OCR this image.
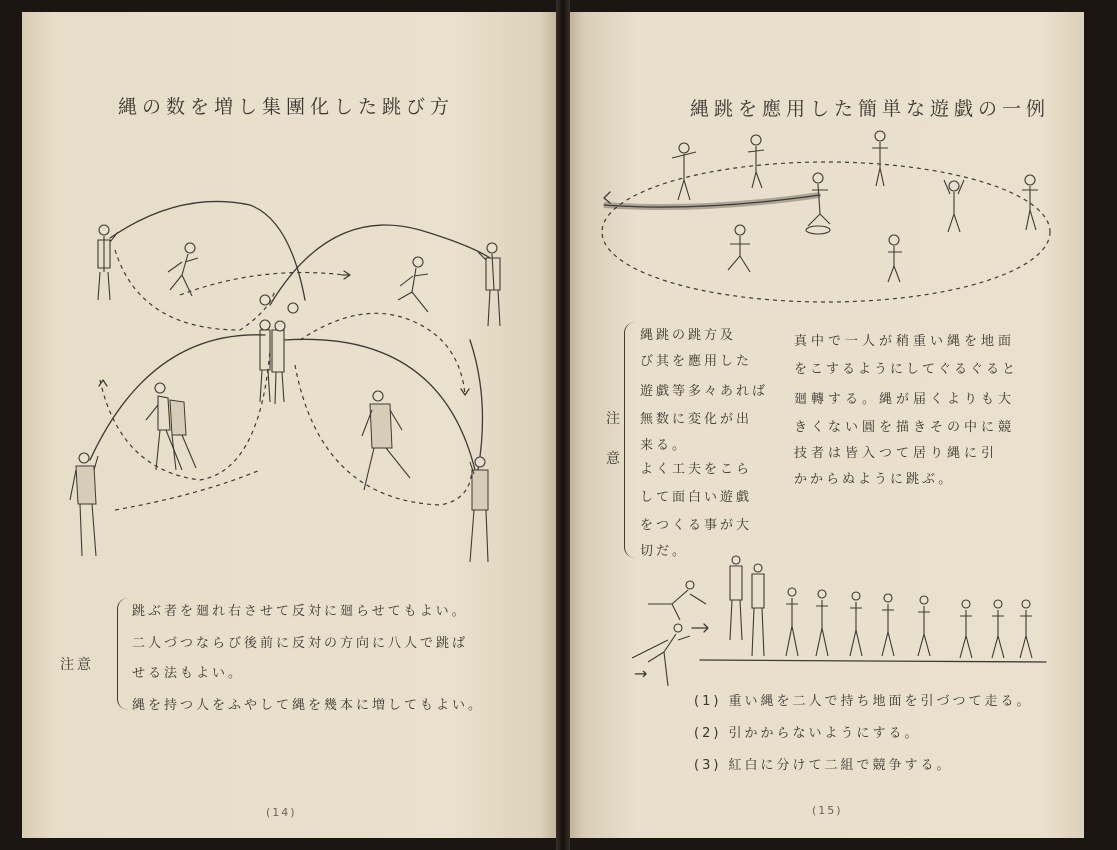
縄の数を増し集團化した跳び方
注意
跳ぶ者を廻れ右させて反対に廻らせてもよい。
二人づつならび後前に反対の方向に八人で跳ば
せる法もよい。
縄を持つ人をふやして縄を幾本に増してもよい。
(14)
縄跳を應用した簡単な遊戯の一例
注
意
縄跳の跳方及
び其を應用した
遊戯等多々あれば
無数に変化が出
来る。
よく工夫をこら
して面白い遊戯
をつくる事が大
切だ。
真中で一人が稍重い縄を地面
をこするようにしてぐるぐると
廻轉する。縄が届くよりも大
きくない圓を描きその中に競
技者は皆入つて居り縄に引
かからぬように跳ぶ。
→
(1) 重い縄を二人で持ち地面を引づつて走る。
(2) 引かからないようにする。
(3) 紅白に分けて二組で競争する。
(15)
